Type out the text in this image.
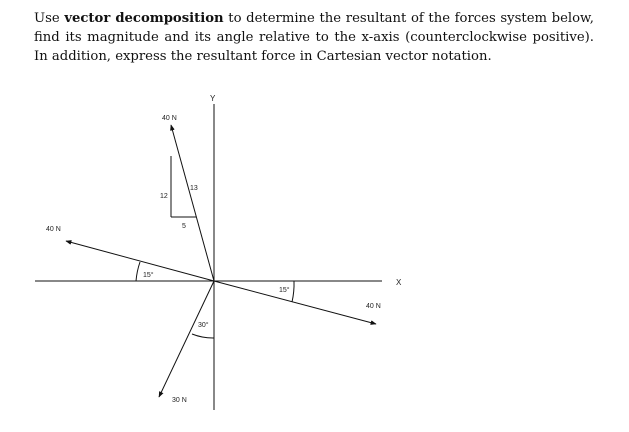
Use vector decomposition to determine the resultant of the forces system below, find its magnitude and its angle relative to the x-axis (counterclockwise positive). In addition, express the resultant force in Cartesian vector notation.

Y
X
40 N
12
5
13
40 N
15°
40 N
15°
30 N
30°
